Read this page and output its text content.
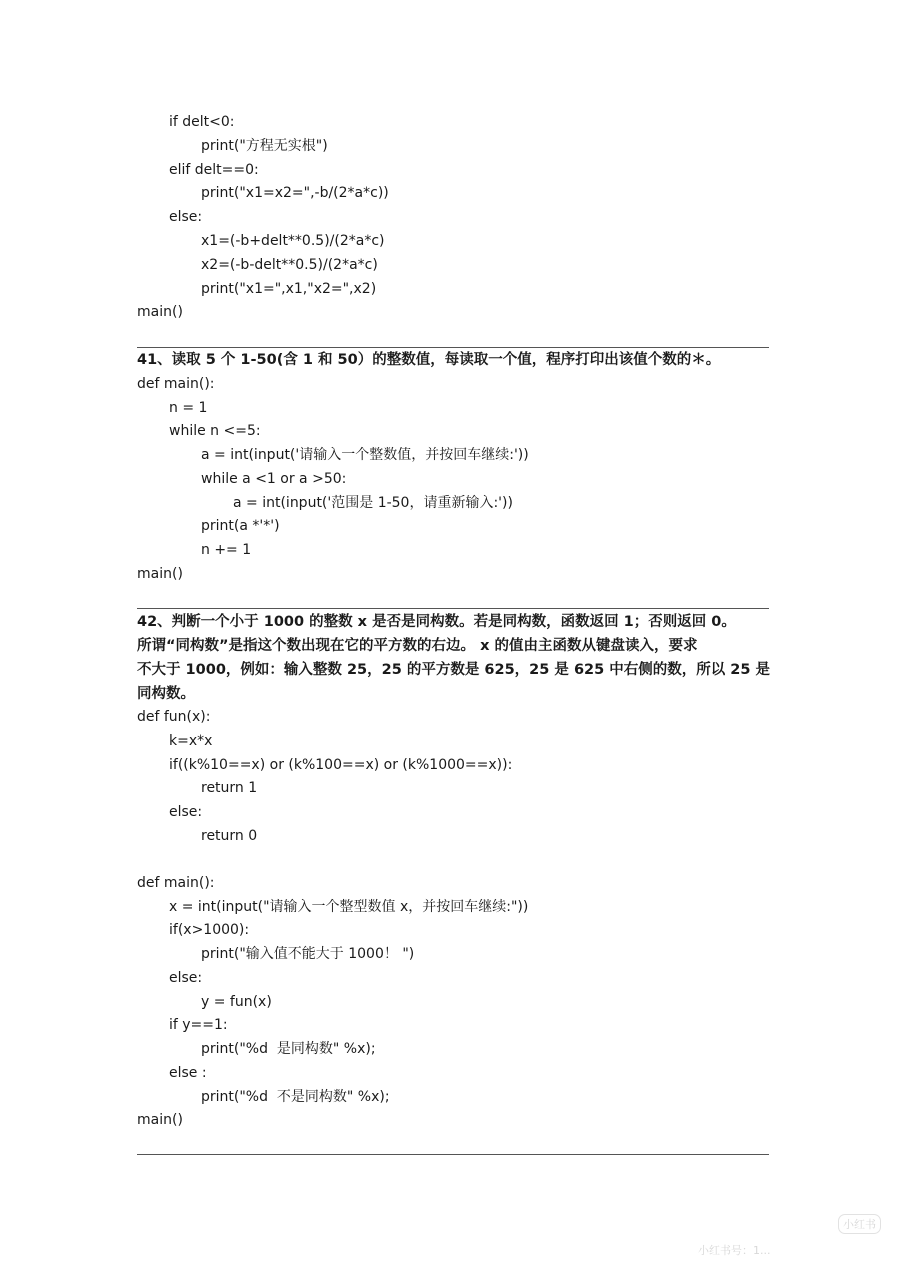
if delt<0:
print("方程无实根")
elif delt==0:
print("x1=x2=",-b/(2*a*c))
else:
x1=(-b+delt**0.5)/(2*a*c)
x2=(-b-delt**0.5)/(2*a*c)
print("x1=",x1,"x2=",x2)
main()
41、读取 5 个 1-50(含 1 和 50）的整数值，每读取一个值，程序打印出该值个数的＊。
def main():
n = 1
while n <=5:
a = int(input('请输入一个整数值，并按回车继续:'))
while a <1 or a >50:
a = int(input('范围是 1-50，请重新输入:'))
print(a *'*')
n += 1
main()
42、判断一个小于 1000 的整数 x 是否是同构数。若是同构数，函数返回 1；否则返回 0。
所谓“同构数”是指这个数出现在它的平方数的右边。 x 的值由主函数从键盘读入，要求
不大于 1000，例如：输入整数 25，25 的平方数是 625，25 是 625 中右侧的数，所以 25 是
同构数。
def fun(x):
k=x*x
if((k%10==x) or (k%100==x) or (k%1000==x)):
return 1
else:
return 0
def main():
x = int(input("请输入一个整型数值 x，并按回车继续:"))
if(x>1000):
print("输入值不能大于 1000！ ")
else:
y = fun(x)
if y==1:
print("%d  是同构数" %x);
else :
print("%d  不是同构数" %x);
main()
小红书
小红书号：1...
